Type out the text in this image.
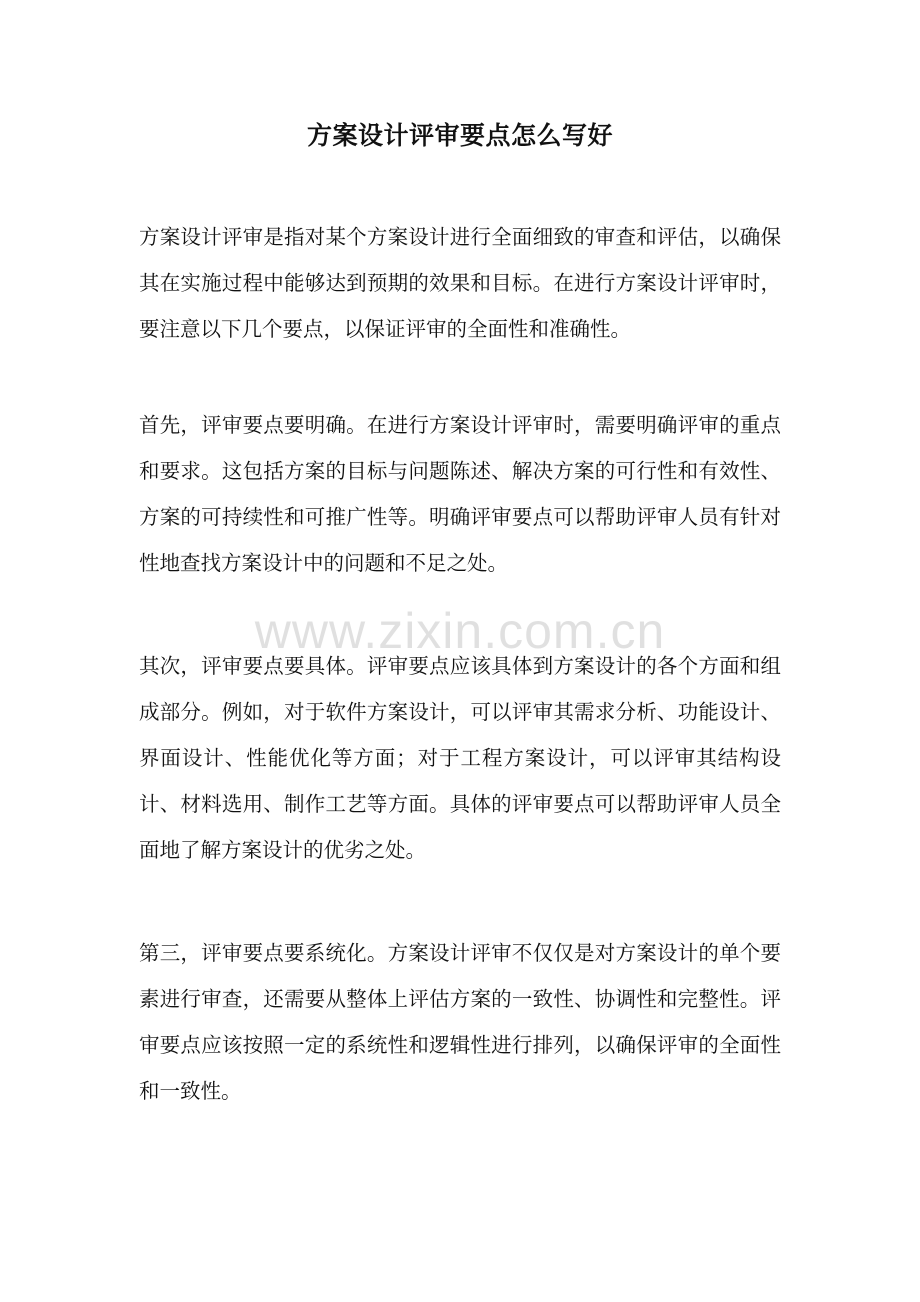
方案设计评审要点怎么写好

方案设计评审是指对某个方案设计进行全面细致的审查和评估，以确保其在实施过程中能够达到预期的效果和目标。在进行方案设计评审时，要注意以下几个要点，以保证评审的全面性和准确性。

首先，评审要点要明确。在进行方案设计评审时，需要明确评审的重点和要求。这包括方案的目标与问题陈述、解决方案的可行性和有效性、方案的可持续性和可推广性等。明确评审要点可以帮助评审人员有针对性地查找方案设计中的问题和不足之处。

其次，评审要点要具体。评审要点应该具体到方案设计的各个方面和组成部分。例如，对于软件方案设计，可以评审其需求分析、功能设计、界面设计、性能优化等方面；对于工程方案设计，可以评审其结构设计、材料选用、制作工艺等方面。具体的评审要点可以帮助评审人员全面地了解方案设计的优劣之处。

第三，评审要点要系统化。方案设计评审不仅仅是对方案设计的单个要素进行审查，还需要从整体上评估方案的一致性、协调性和完整性。评审要点应该按照一定的系统性和逻辑性进行排列，以确保评审的全面性和一致性。

www.zixin.com.cn
